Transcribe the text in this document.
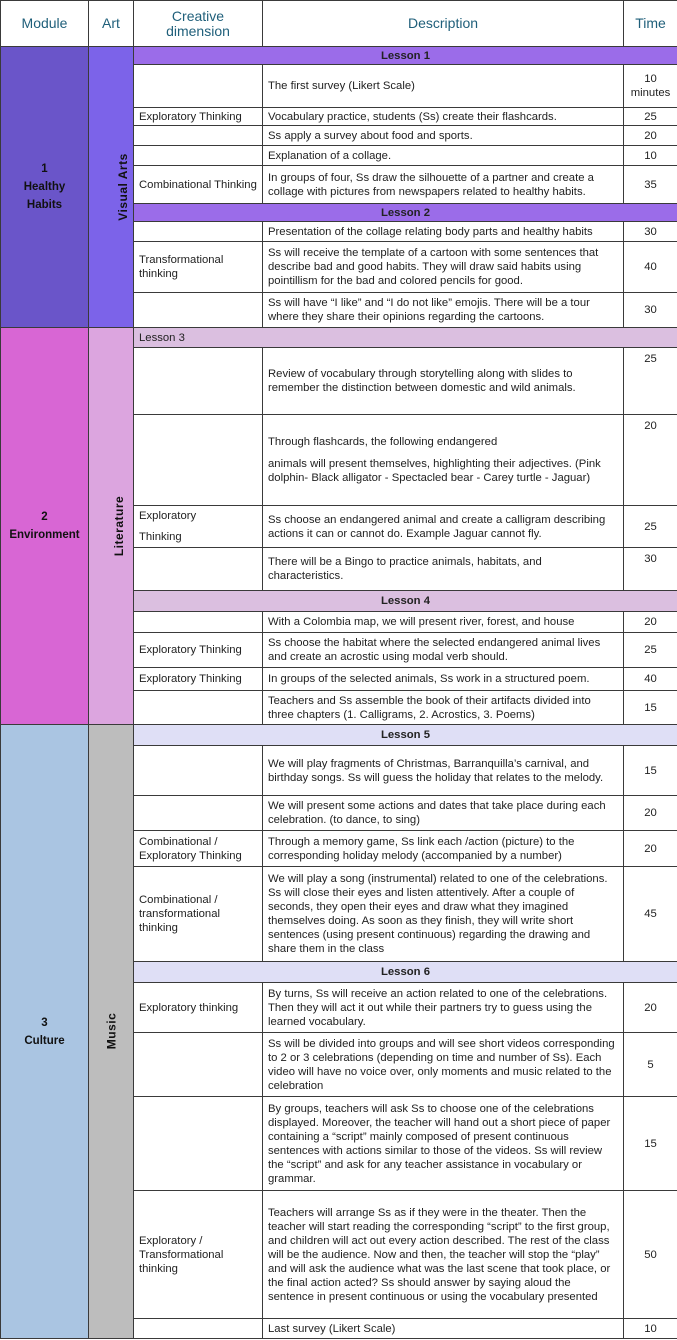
Module	Art	Creative dimension	Description	Time

1
Healthy Habits	Visual Arts	Lesson 1		
			The first survey (Likert Scale)	10 minutes
		Exploratory Thinking	Vocabulary practice, students (Ss) create their flashcards.	25
			Ss apply a survey about food and sports.	20
			Explanation of a collage.	10
		Combinational Thinking	In groups of four, Ss draw the silhouette of a partner and create a collage with pictures from newspapers related to healthy habits.	35
		Lesson 2		
			Presentation of the collage relating body parts and healthy habits	30
		Transformational thinking	Ss will receive the template of a cartoon with some sentences that describe bad and good habits. They will draw said habits using pointillism for the bad and colored pencils for good.	40
			Ss will have “I like” and “I do not like” emojis. There will be a tour where they share their opinions regarding the cartoons.	30

2
Environment	Literature	Lesson 3		
			Review of vocabulary through storytelling along with slides to remember the distinction between domestic and wild animals.	25

			Through flashcards, the following endangered
animals will present themselves, highlighting their adjectives. (Pink dolphin- Black alligator - Spectacled bear - Carey turtle - Jaguar)	20
		Exploratory
Thinking	Ss choose an endangered animal and create a calligram describing actions it can or cannot do. Example Jaguar cannot fly.	25
			There will be a Bingo to practice animals, habitats, and characteristics.	30
		Lesson 4		
			With a Colombia map, we will present river, forest, and house	20
		Exploratory Thinking	Ss choose the habitat where the selected endangered animal lives and create an acrostic using modal verb should.	25
		Exploratory Thinking	In groups of the selected animals, Ss work in a structured poem.	40
			Teachers and Ss assemble the book of their artifacts divided into three chapters (1. Calligrams, 2. Acrostics, 3. Poems)	15

3
Culture	Music	Lesson 5		
			We will play fragments of Christmas, Barranquilla’s carnival, and birthday songs. Ss will guess the holiday that relates to the melody.	15
			We will present some actions and dates that take place during each celebration. (to dance, to sing)	20
		Combinational / Exploratory Thinking	Through a memory game, Ss link each /action (picture) to the corresponding holiday melody (accompanied by a number)	20
		Combinational / transformational thinking	We will play a song (instrumental) related to one of the celebrations. Ss will close their eyes and listen attentively. After a couple of seconds, they open their eyes and draw what they imagined themselves doing. As soon as they finish, they will write short sentences (using present continuous) regarding the drawing and share them in the class	45
		Lesson 6		
		Exploratory thinking	By turns, Ss will receive an action related to one of the celebrations. Then they will act it out while their partners try to guess using the learned vocabulary.	20
			Ss will be divided into groups and will see short videos corresponding to 2 or 3 celebrations (depending on time and number of Ss). Each video will have no voice over, only moments and music related to the celebration	5
			By groups, teachers will ask Ss to choose one of the celebrations displayed. Moreover, the teacher will hand out a short piece of paper containing a “script” mainly composed of present continuous sentences with actions similar to those of the videos. Ss will review the “script” and ask for any teacher assistance in vocabulary or grammar.	15
		Exploratory / Transformational thinking	Teachers will arrange Ss as if they were in the theater. Then the teacher will start reading the corresponding “script” to the first group, and children will act out every action described. The rest of the class will be the audience. Now and then, the teacher will stop the “play” and will ask the audience what was the last scene that took place, or the final action acted? Ss should answer by saying aloud the sentence in present continuous or using the vocabulary presented	50
			Last survey (Likert Scale)	10
